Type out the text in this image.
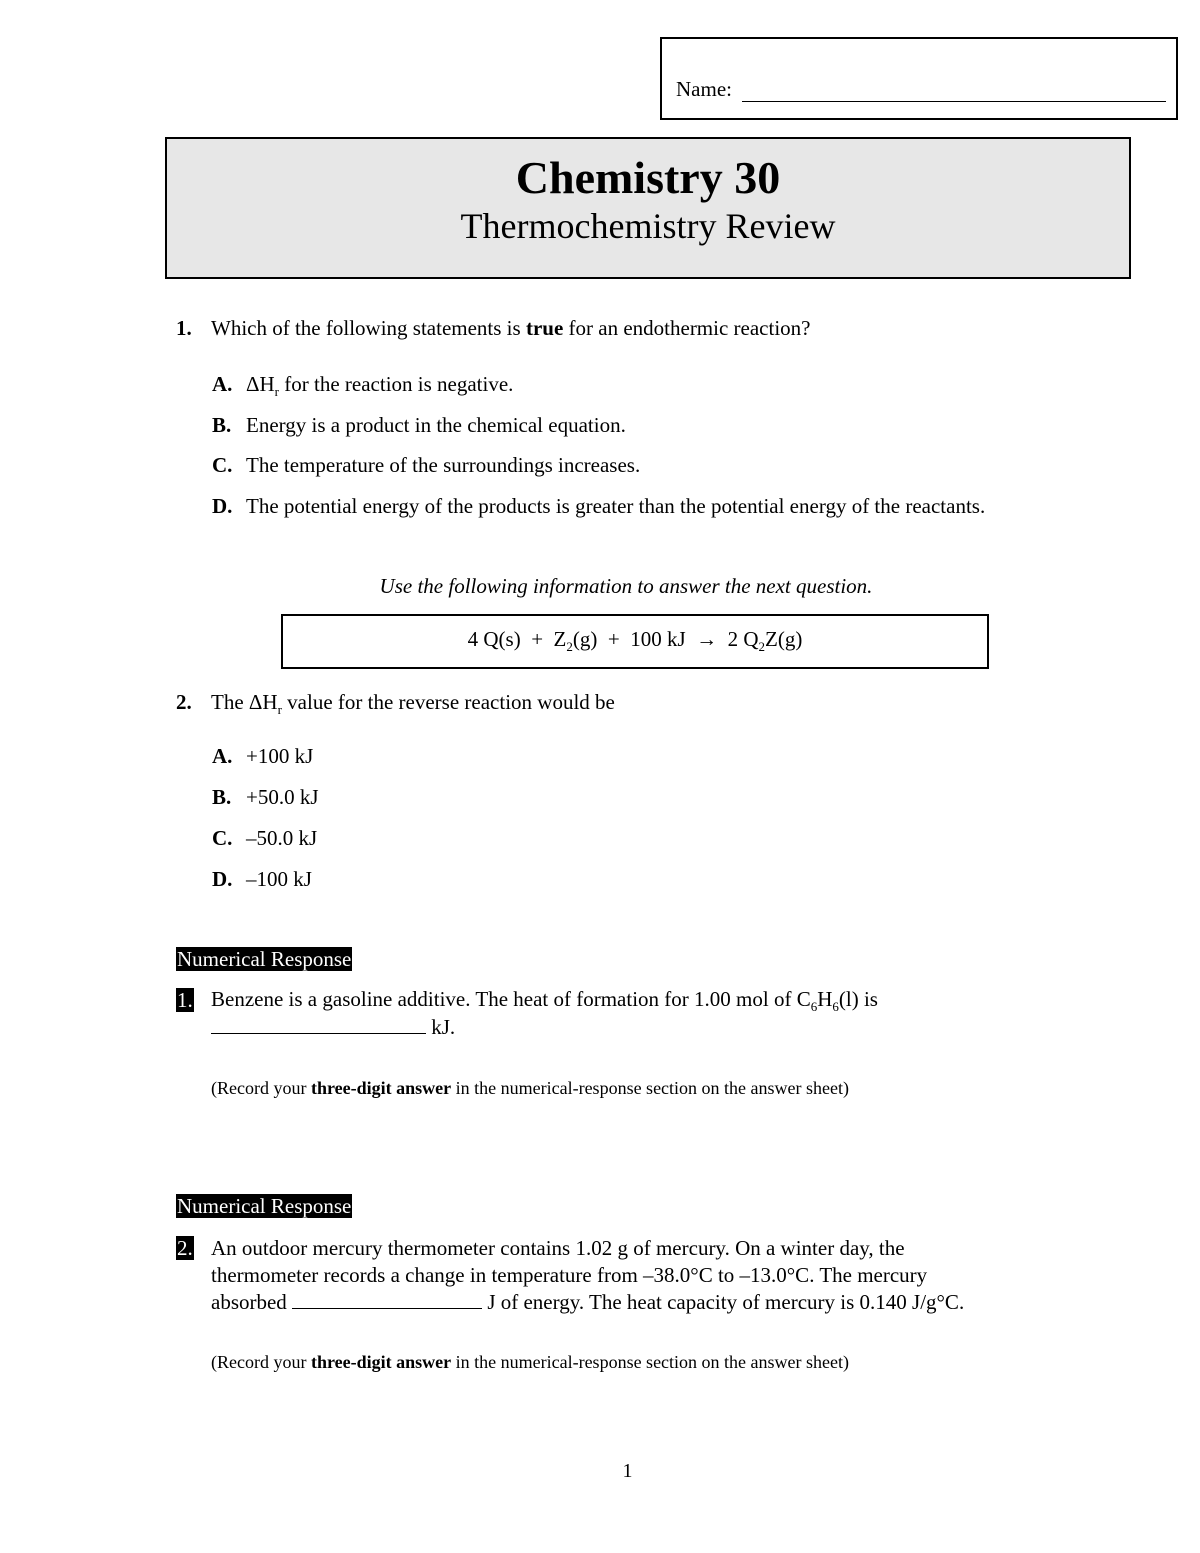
Name:
Chemistry 30
Thermochemistry Review
1. Which of the following statements is true for an endothermic reaction?
A. $\Delta H_r$ for the reaction is negative.
B. Energy is a product in the chemical equation.
C. The temperature of the surroundings increases.
D. The potential energy of the products is greater than the potential energy of the reactants.
Use the following information to answer the next question.
4 $Q(s) + Z_2(g) + 100$ kJ  →  2 $Q_2Z(g)$
2. The $\Delta H_r$ value for the reverse reaction would be
A. +100 kJ
B. +50.0 kJ
C. –50.0 kJ
D. –100 kJ
Numerical Response
1. Benzene is a gasoline additive. The heat of formation for 1.00 mol of $C_6H_6(l)$ is
kJ.
(Record your three-digit answer in the numerical-response section on the answer sheet)
Numerical Response
2. An outdoor mercury thermometer contains 1.02 g of mercury. On a winter day, the
thermometer records a change in temperature from –38.0°C to –13.0°C. The mercury
absorbed	J of energy. The heat capacity of mercury is 0.140 J/g°C.
(Record your three-digit answer in the numerical-response section on the answer sheet)
1
